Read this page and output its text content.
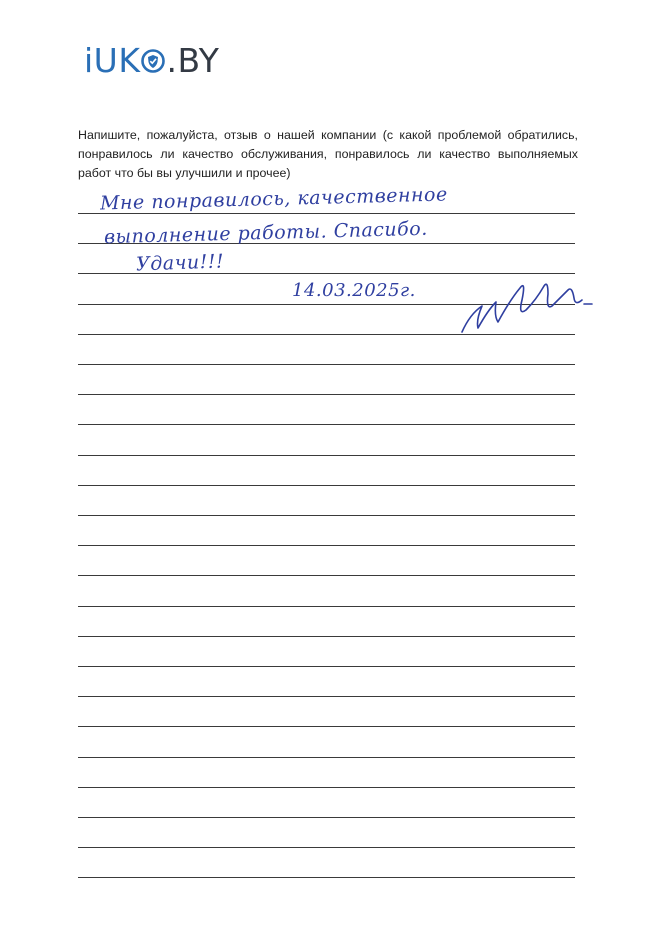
iUK .BY
Напишите, пожалуйста, отзыв о нашей компании (с какой проблемой обратились, понравилось ли качество обслуживания, понравилось ли качество выполняемых работ что бы вы улучшили и прочее)
Мне понравилось, качественное
выполнение работы. Спасибо.
Удачи!!!
14.03.2025г.
